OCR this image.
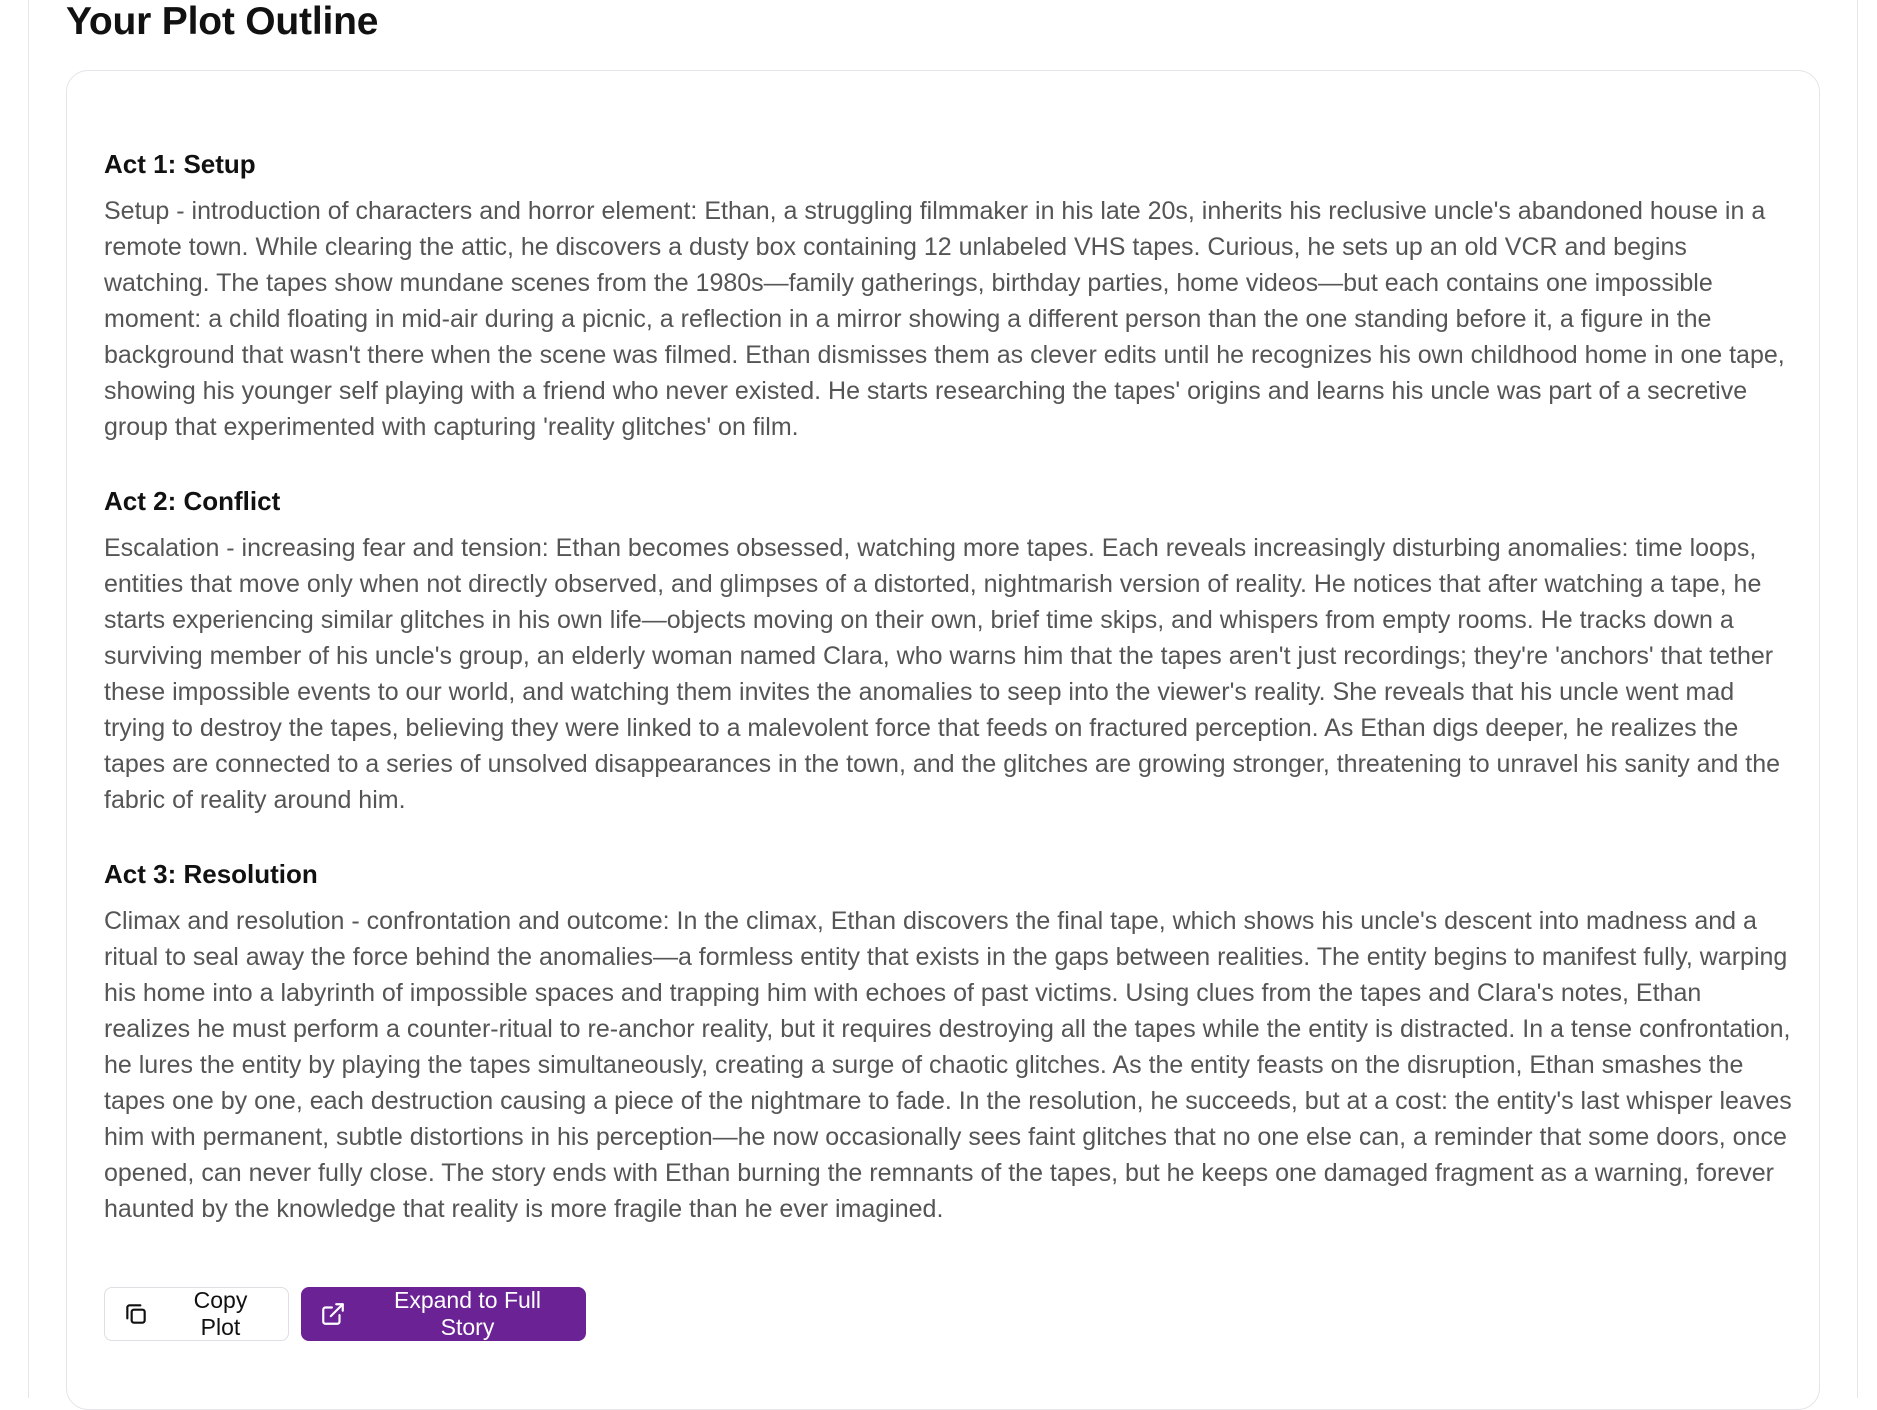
Your Plot Outline
Act 1: Setup

Setup - introduction of characters and horror element: Ethan, a struggling filmmaker in his late 20s, inherits his reclusive uncle's abandoned house in a remote town. While clearing the attic, he discovers a dusty box containing 12 unlabeled VHS tapes. Curious, he sets up an old VCR and begins watching. The tapes show mundane scenes from the 1980s—family gatherings, birthday parties, home videos—but each contains one impossible moment: a child floating in mid-air during a picnic, a reflection in a mirror showing a different person than the one standing before it, a figure in the background that wasn't there when the scene was filmed. Ethan dismisses them as clever edits until he recognizes his own childhood home in one tape, showing his younger self playing with a friend who never existed. He starts researching the tapes' origins and learns his uncle was part of a secretive group that experimented with capturing 'reality glitches' on film.

Act 2: Conflict

Escalation - increasing fear and tension: Ethan becomes obsessed, watching more tapes. Each reveals increasingly disturbing anomalies: time loops, entities that move only when not directly observed, and glimpses of a distorted, nightmarish version of reality. He notices that after watching a tape, he starts experiencing similar glitches in his own life—objects moving on their own, brief time skips, and whispers from empty rooms. He tracks down a surviving member of his uncle's group, an elderly woman named Clara, who warns him that the tapes aren't just recordings; they're 'anchors' that tether these impossible events to our world, and watching them invites the anomalies to seep into the viewer's reality. She reveals that his uncle went mad trying to destroy the tapes, believing they were linked to a malevolent force that feeds on fractured perception. As Ethan digs deeper, he realizes the tapes are connected to a series of unsolved disappearances in the town, and the glitches are growing stronger, threatening to unravel his sanity and the fabric of reality around him.

Act 3: Resolution

Climax and resolution - confrontation and outcome: In the climax, Ethan discovers the final tape, which shows his uncle's descent into madness and a ritual to seal away the force behind the anomalies—a formless entity that exists in the gaps between realities. The entity begins to manifest fully, warping his home into a labyrinth of impossible spaces and trapping him with echoes of past victims. Using clues from the tapes and Clara's notes, Ethan realizes he must perform a counter-ritual to re-anchor reality, but it requires destroying all the tapes while the entity is distracted. In a tense confrontation, he lures the entity by playing the tapes simultaneously, creating a surge of chaotic glitches. As the entity feasts on the disruption, Ethan smashes the tapes one by one, each destruction causing a piece of the nightmare to fade. In the resolution, he succeeds, but at a cost: the entity's last whisper leaves him with permanent, subtle distortions in his perception—he now occasionally sees faint glitches that no one else can, a reminder that some doors, once opened, can never fully close. The story ends with Ethan burning the remnants of the tapes, but he keeps one damaged fragment as a warning, forever haunted by the knowledge that reality is more fragile than he ever imagined.

Copy Plot
Expand to Full Story
